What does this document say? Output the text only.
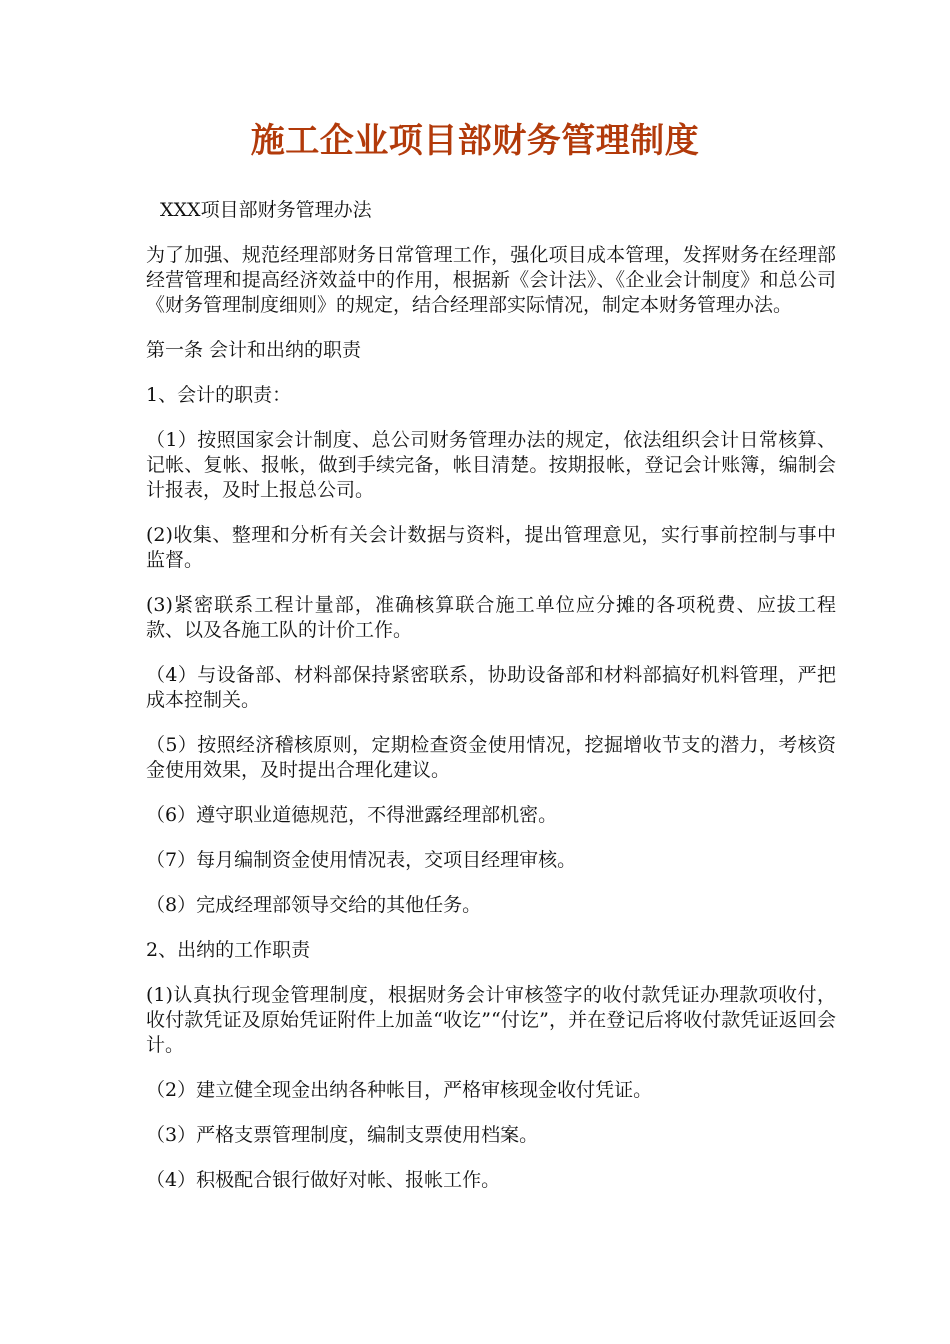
施工企业项目部财务管理制度

XXX项目部财务管理办法

为了加强、规范经理部财务日常管理工作，强化项目成本管理，发挥财务在经理部经营管理和提高经济效益中的作用，根据新《会计法》、《企业会计制度》和总公司《财务管理制度细则》的规定，结合经理部实际情况，制定本财务管理办法。

第一条 会计和出纳的职责

1、会计的职责：

（1）按照国家会计制度、总公司财务管理办法的规定，依法组织会计日常核算、记帐、复帐、报帐，做到手续完备，帐目清楚。按期报帐，登记会计账簿，编制会计报表，及时上报总公司。

(2)收集、整理和分析有关会计数据与资料，提出管理意见，实行事前控制与事中监督。

(3)紧密联系工程计量部，准确核算联合施工单位应分摊的各项税费、应拔工程款、以及各施工队的计价工作。

（4）与设备部、材料部保持紧密联系，协助设备部和材料部搞好机料管理，严把成本控制关。

（5）按照经济稽核原则，定期检查资金使用情况，挖掘增收节支的潜力，考核资金使用效果，及时提出合理化建议。

（6）遵守职业道德规范，不得泄露经理部机密。

（7）每月编制资金使用情况表，交项目经理审核。

（8）完成经理部领导交给的其他任务。

2、出纳的工作职责

(1)认真执行现金管理制度，根据财务会计审核签字的收付款凭证办理款项收付，收付款凭证及原始凭证附件上加盖“收讫”“付讫”，并在登记后将收付款凭证返回会计。

（2）建立健全现金出纳各种帐目，严格审核现金收付凭证。

（3）严格支票管理制度，编制支票使用档案。

（4）积极配合银行做好对帐、报帐工作。
